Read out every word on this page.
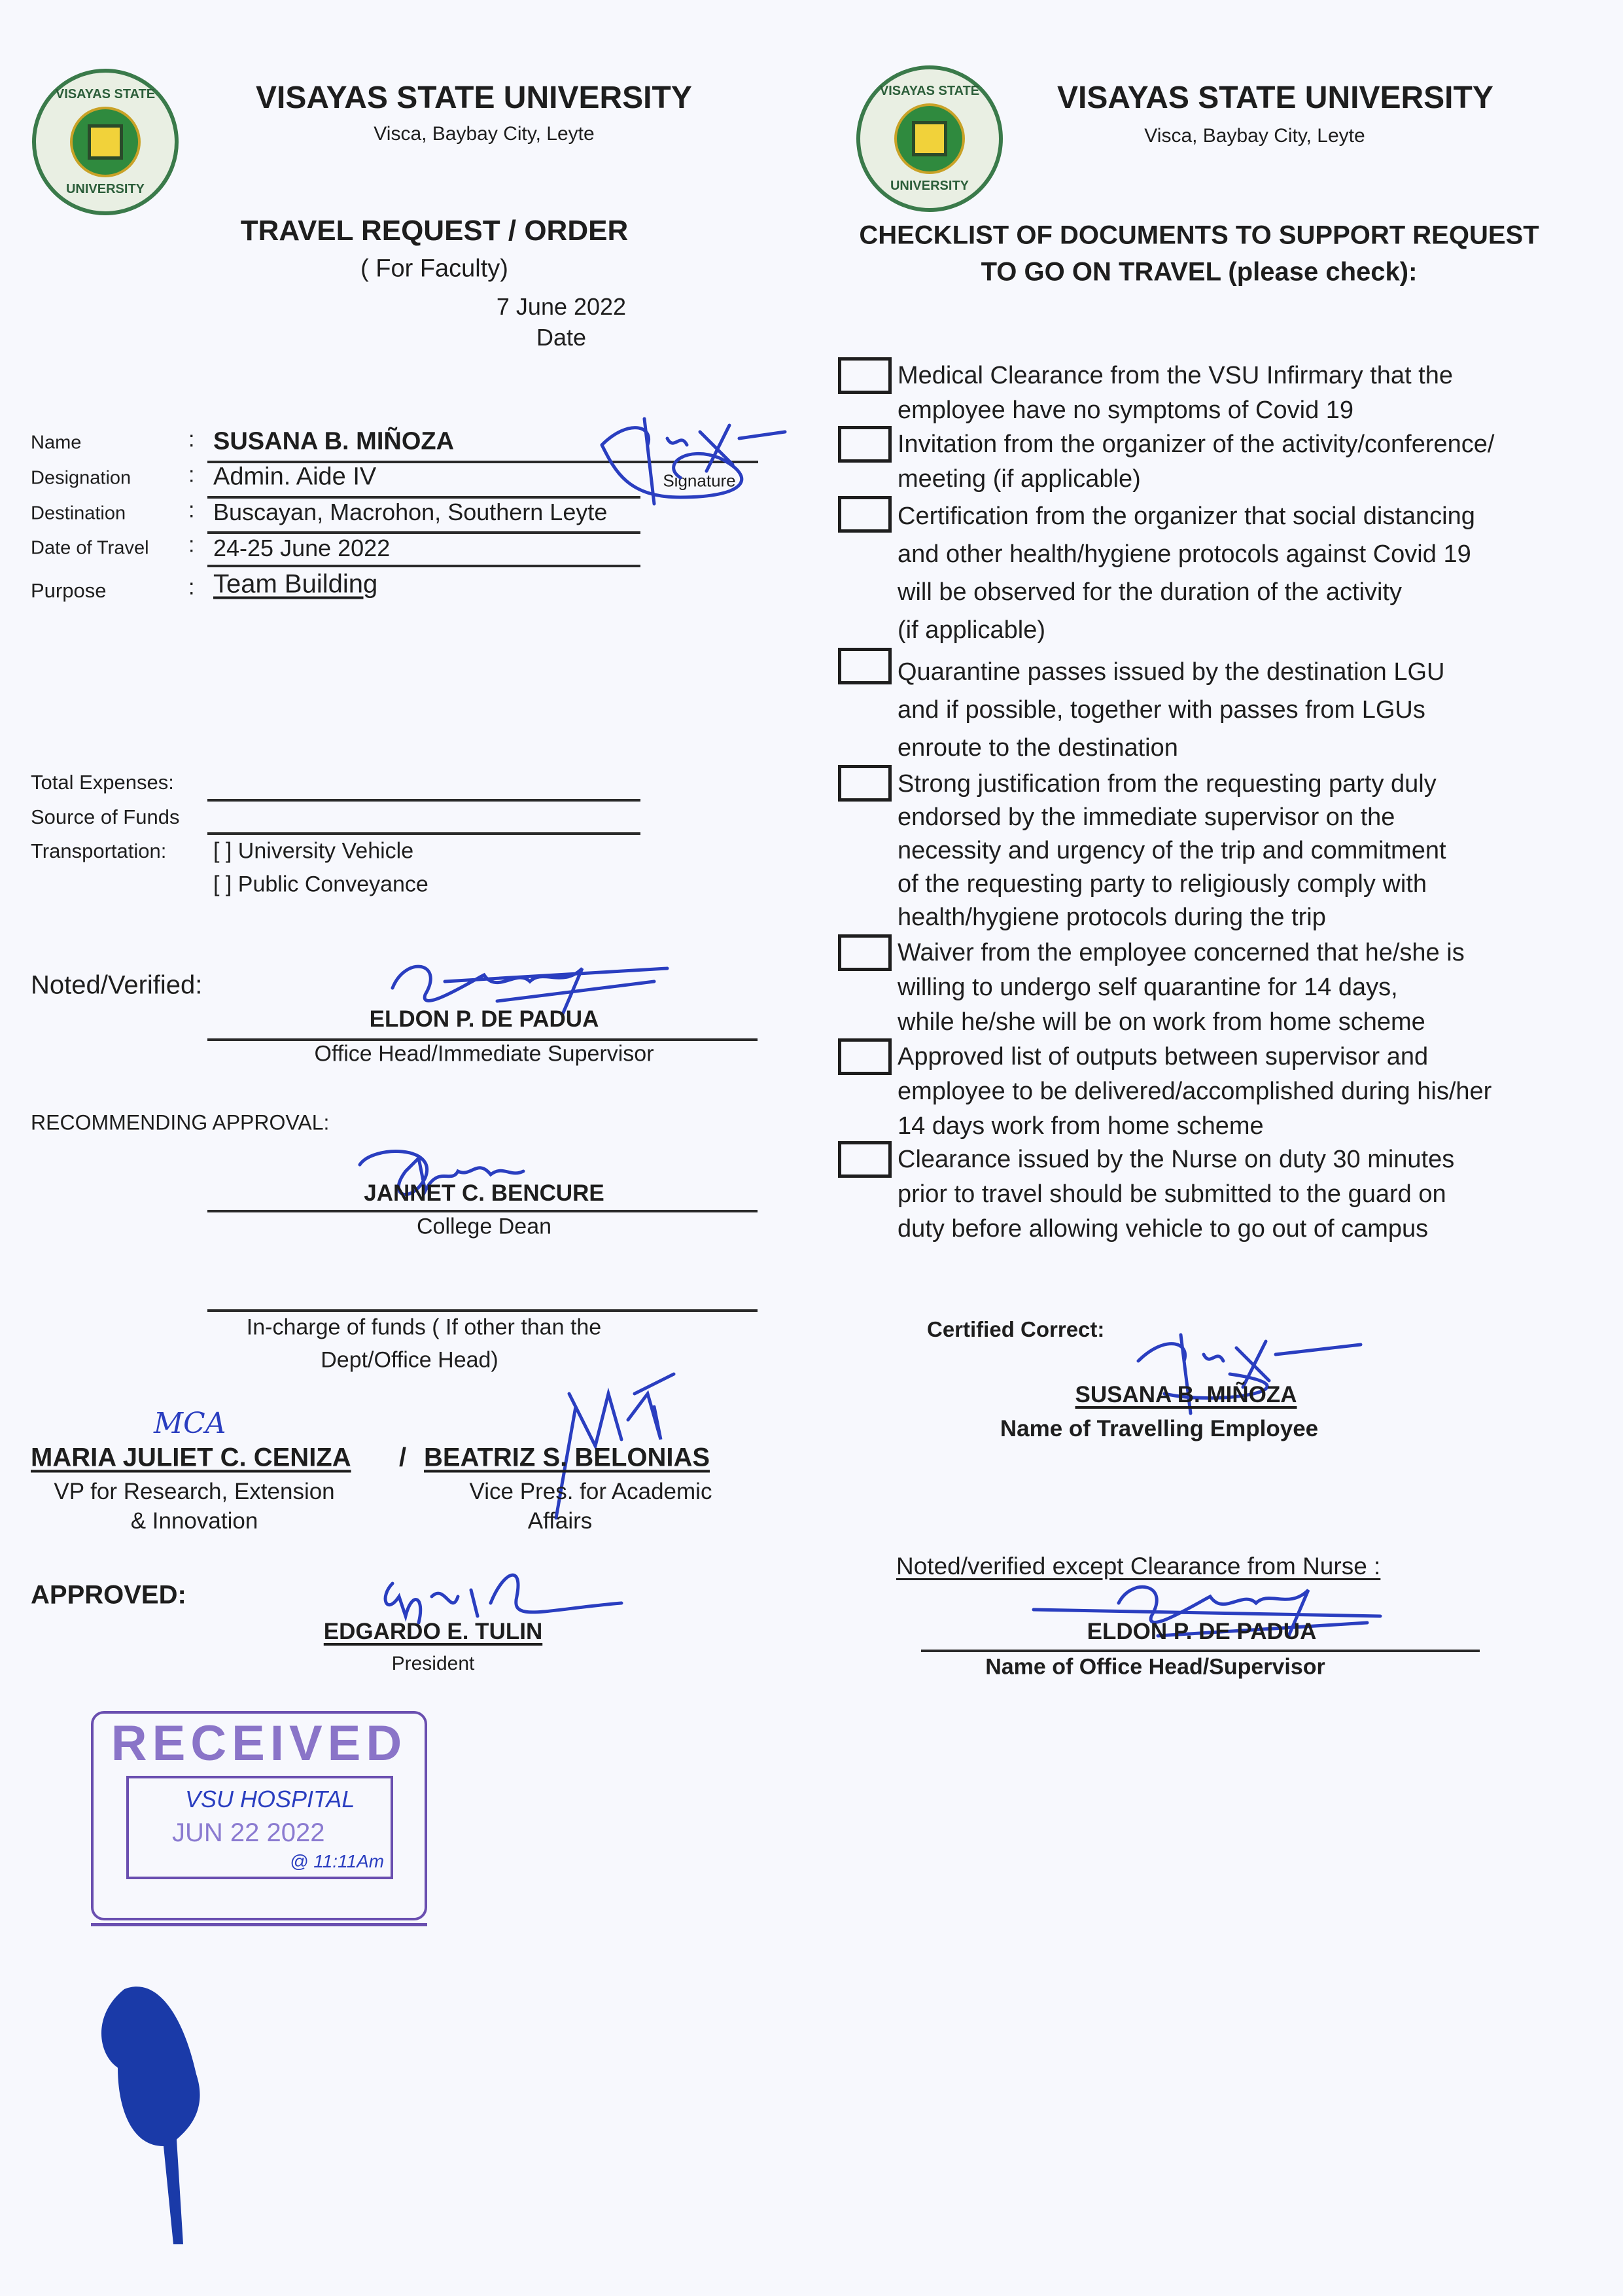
VISAYAS STATE
UNIVERSITY
VISAYAS STATE UNIVERSITY
Visca, Baybay City, Leyte
TRAVEL REQUEST / ORDER
( For Faculty)
7 June 2022
Date
Name
Designation
Destination
Date of Travel
Purpose
:
:
:
:
:
SUSANA B. MIÑOZA
Admin. Aide IV
Buscayan, Macrohon, Southern Leyte
24-25 June 2022
Team Building
Signature
Total Expenses:
Source of Funds
Transportation: [ ] University Vehicle
[ ] Public Conveyance
Noted/Verified:
ELDON P. DE PADUA
Office Head/Immediate Supervisor
RECOMMENDING APPROVAL:
JANNET C. BENCURE
College Dean
In-charge of funds ( If other than the
Dept/Office Head)
MCA
MARIA JULIET C. CENIZA / BEATRIZ S. BELONIAS
VP for Research, Extension
& Innovation
Vice Pres. for Academic
Affairs
APPROVED:
EDGARDO E. TULIN
President
RECEIVED
VSU HOSPITAL
JUN 22 2022
@ 11:11Am
VISAYAS STATE
UNIVERSITY
VISAYAS STATE UNIVERSITY
Visca, Baybay City, Leyte
CHECKLIST OF DOCUMENTS TO SUPPORT REQUEST
TO GO ON TRAVEL (please check):
Medical Clearance from the VSU Infirmary that the
employee have no symptoms of Covid 19
Invitation from the organizer of the activity/conference/
meeting (if applicable)
Certification from the organizer that social distancing
and other health/hygiene protocols against Covid 19
will be observed for the duration of the activity
(if applicable)
Quarantine passes issued by the destination LGU
and if possible, together with passes from LGUs
enroute to the destination
Strong justification from the requesting party duly
endorsed by the immediate supervisor on the
necessity and urgency of the trip and commitment
of the requesting party to religiously comply with
health/hygiene protocols during the trip
Waiver from the employee concerned that he/she is
willing to undergo self quarantine for 14 days,
while he/she will be on work from home scheme
Approved list of outputs between supervisor and
employee to be delivered/accomplished during his/her
14 days work from home scheme
Clearance issued by the Nurse on duty 30 minutes
prior to travel should be submitted to the guard on
duty before allowing vehicle to go out of campus
Certified Correct:
SUSANA B. MIÑOZA
Name of Travelling Employee
Noted/verified except Clearance from Nurse :
ELDON P. DE PADUA
Name of Office Head/Supervisor
